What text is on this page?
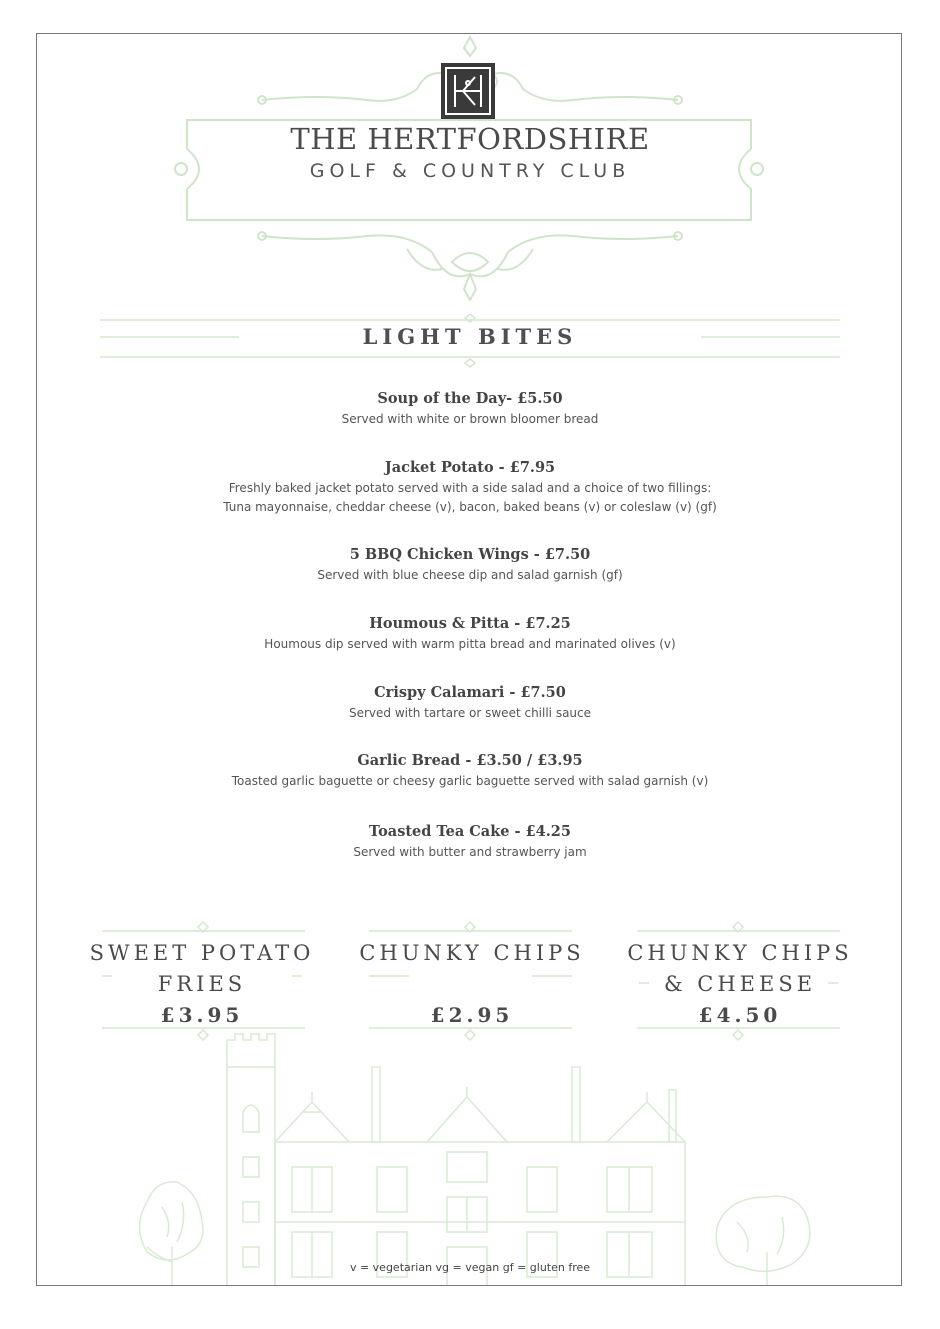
THE HERTFORDSHIRE
GOLF & COUNTRY CLUB
LIGHT BITES
Soup of the Day- £5.50
Served with white or brown bloomer bread
Jacket Potato - £7.95
Freshly baked jacket potato served with a side salad and a choice of two fillings:
Tuna mayonnaise, cheddar cheese (v), bacon, baked beans (v) or coleslaw (v) (gf)
5 BBQ Chicken Wings - £7.50
Served with blue cheese dip and salad garnish (gf)
Houmous & Pitta - £7.25
Houmous dip served with warm pitta bread and marinated olives (v)
Crispy Calamari - £7.50
Served with tartare or sweet chilli sauce
Garlic Bread - £3.50 / £3.95
Toasted garlic baguette or cheesy garlic baguette served with salad garnish (v)
Toasted Tea Cake - £4.25
Served with butter and strawberry jam
SWEET POTATO
FRIES
£3.95
CHUNKY CHIPS
£2.95
CHUNKY CHIPS
& CHEESE
£4.50
v = vegetarian vg = vegan gf = gluten free
